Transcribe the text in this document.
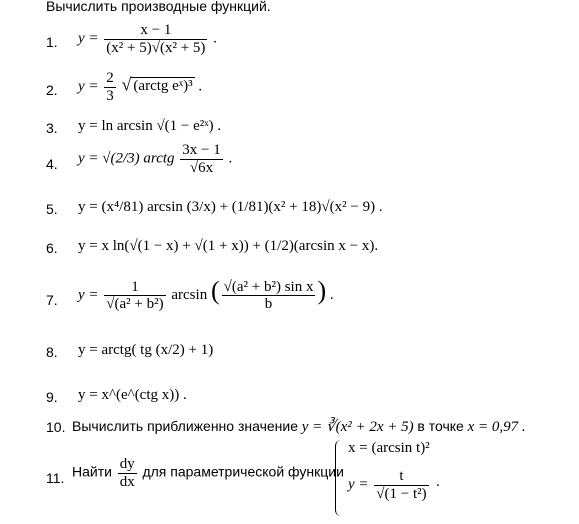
Вычислить производные функций.
1. $y = \frac{x - 1}{\text{(x² + 5)√(x² + 5)}}$ .
2. $y = \frac{2}{3}$ √ (arctg eˣ)³ .
3. y = ln arcsin √(1 − e²ˣ) .
4. y = √(2/3) arctg $\frac{3x - 1}{√6x}$ .
5. y = (x⁴/81) arcsin (3/x) + (1/81)(x² + 18)√(x² − 9) .
6. y = x ln(√(1 − x) + √(1 + x)) + (1/2)(arcsin x − x).
7. $y = \frac{1}{\text{√(a² + b²)}}$ arcsin ( $\frac{\text{√(a² + b²) sin x}}{b}$ ) .
8. y = arctg( tg (x/2) + 1)
9. y = x^(e^(ctg x)) .
10. Вычислить приближенно значение y = ∛(x² + 2x + 5) в точке x = 0,97 .
11. Найти $\frac{dy}{dx}$ для параметрической функции
x = (arcsin t)²
$y = \frac{t}{\text{√(1 − t²)}}$ .
